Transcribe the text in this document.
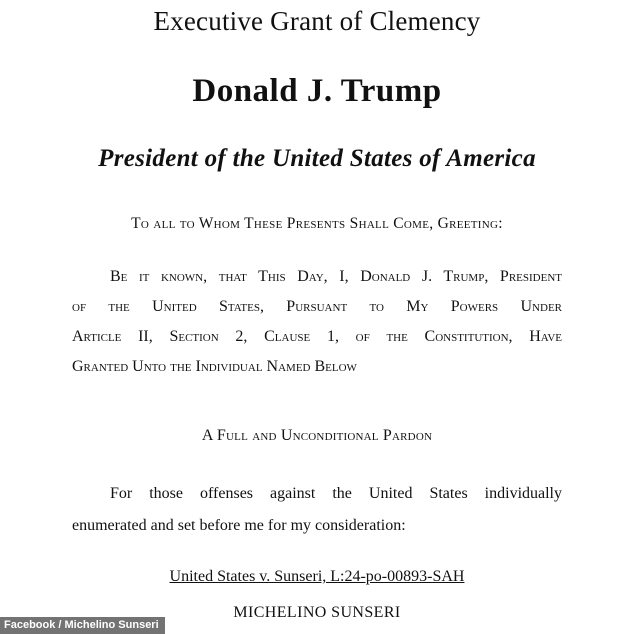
Executive Grant of Clemency
Donald J. Trump
President of the United States of America

To all to Whom These Presents Shall Come, Greeting:

Be it known, that This Day, I, Donald J. Trump, President
of the United States, Pursuant to My Powers Under
Article II, Section 2, Clause 1, of the Constitution, Have
Granted Unto the Individual Named Below

A Full and Unconditional Pardon

For those offenses against the United States individually
enumerated and set before me for my consideration:

United States v. Sunseri, L:24-po-00893-SAH

MICHELINO SUNSERI

Facebook / Michelino Sunseri
